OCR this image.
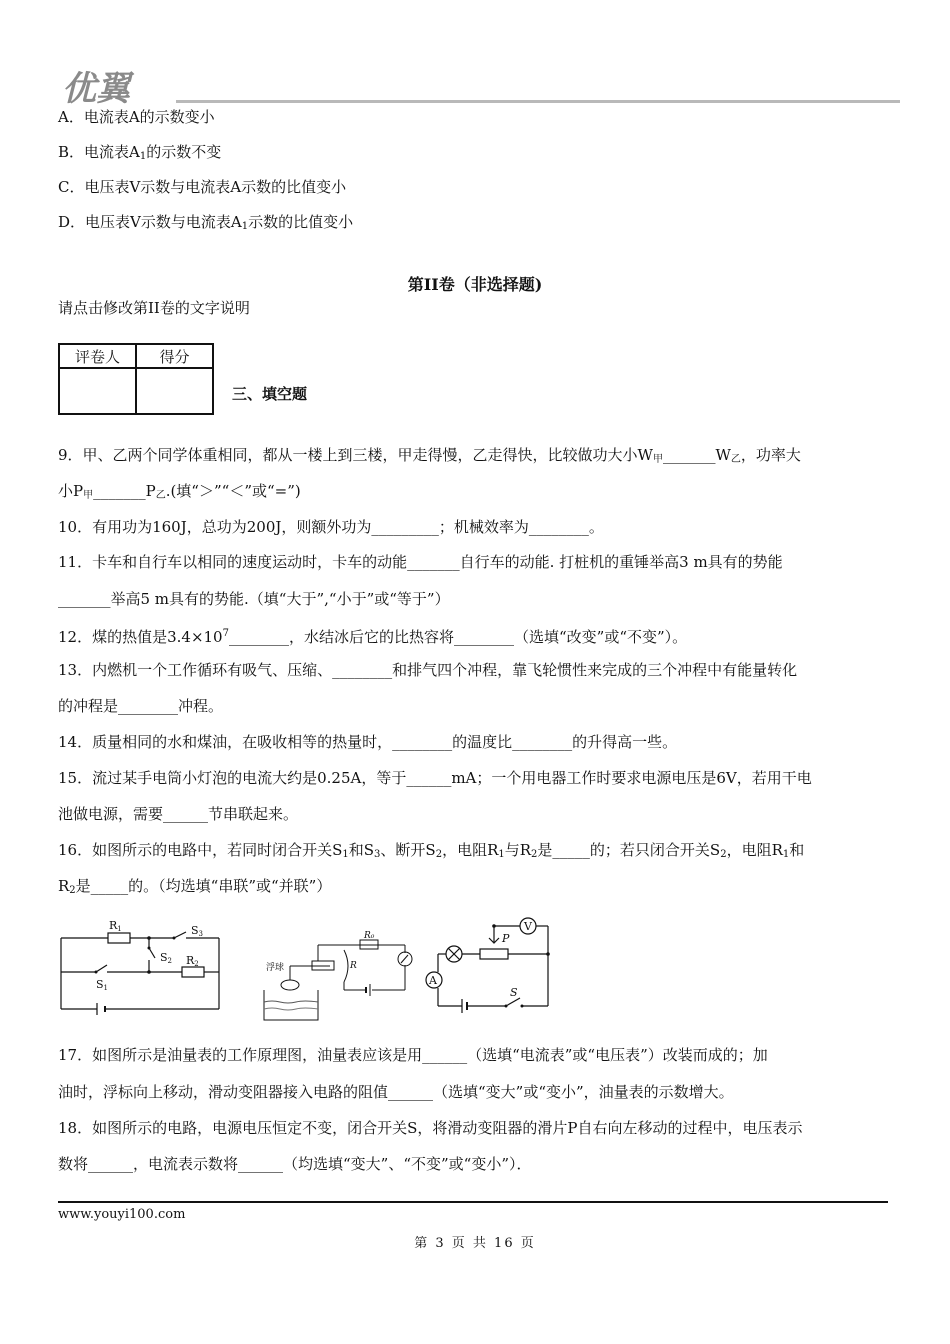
优翼
A．电流表A的示数变小
B．电流表$A_1$的示数不变
C．电压表V示数与电流表A示数的比值变小
D．电压表V示数与电流表$A_1$示数的比值变小
第II卷（非选择题)
请点击修改第II卷的文字说明
评卷人	得分

三、填空题
9．甲、乙两个同学体重相同，都从一楼上到三楼，甲走得慢，乙走得快，比较做功大小$W_甲\_\_\_\_\_\_\_W_乙$，功率大
小$P_甲\_\_\_\_\_\_\_P_乙$.(填“＞”“＜”或“=”)
10．有用功为160J，总功为200J，则额外功为_________；机械效率为________。
11．卡车和自行车以相同的速度运动时，卡车的动能_______自行车的动能. 打桩机的重锤举高3 m具有的势能
_______举高5 m具有的势能.（填“大于”,“小于”或“等于”）
12．煤的热值是$3.4\times 10^7\_\_\_\_\_\_\_\_$，水结冰后它的比热容将________（选填“改变”或“不变”）。
13．内燃机一个工作循环有吸气、压缩、________和排气四个冲程，靠飞轮惯性来完成的三个冲程中有能量转化
的冲程是________冲程。
14．质量相同的水和煤油，在吸收相等的热量时，________的温度比________的升得高一些。
15．流过某手电筒小灯泡的电流大约是0.25A，等于______mA；一个用电器工作时要求电源电压是6V，若用干电
池做电源，需要______节串联起来。
16．如图所示的电路中，若同时闭合开关$S_1$和$S_3$、断开$S_2$，电阻$R_1$与$R_2$是_____的；若只闭合开关$S_2$，电阻$R_1$和
$R_2$是_____的。（均选填“串联”或“并联”）
R1	S3
S2 R2
S1
浮球
R₀
R
V
A
P
S
17．如图所示是油量表的工作原理图，油量表应该是用______（选填“电流表”或“电压表”）改装而成的；加
油时，浮标向上移动，滑动变阻器接入电路的阻值______（选填“变大”或“变小”，油量表的示数增大。
18．如图所示的电路，电源电压恒定不变，闭合开关S，将滑动变阻器的滑片P自右向左移动的过程中，电压表示
数将______，电流表示数将______（均选填“变大”、“不变”或“变小”）．
www.youyi100.com
第 3 页 共 16 页
